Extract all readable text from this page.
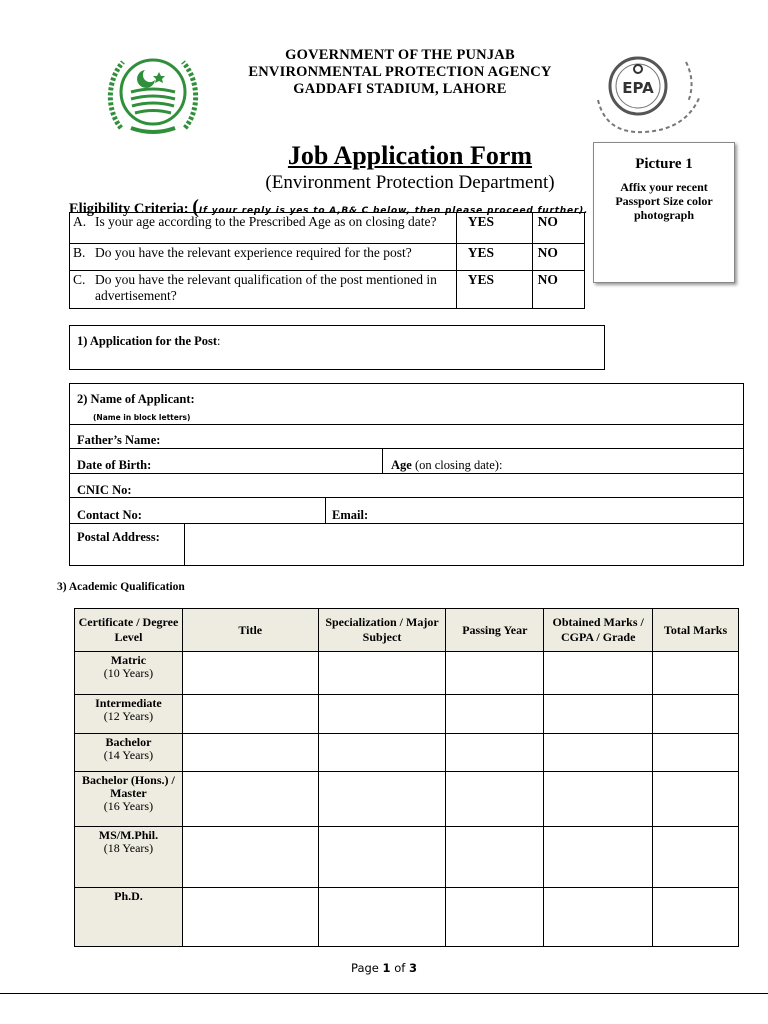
GOVERNMENT OF THE PUNJAB
ENVIRONMENTAL PROTECTION AGENCY
GADDAFI STADIUM, LAHORE	EPA
Job Application Form
(Environment Protection Department)
Picture 1
Affix your recent Passport Size color photograph
Eligibility Criteria: (If your reply is yes to A,B& C below, then please proceed further).
A. Is your age according to the Prescribed Age as on closing date?	YES	NO

B. Do you have the relevant experience required for the post?	YES	NO

C. Do you have the relevant qualification of the post mentioned in advertisement?	YES	NO
1) Application for the Post:
2) Name of Applicant:
(Name in block letters)
Father’s Name:
Date of Birth:	Age (on closing date):
CNIC No:
Contact No:	Email:
Postal Address:
3) Academic Qualification
Certificate / Degree Level	Title	Specialization / Major Subject	Passing Year	Obtained Marks / CGPA / Grade	Total Marks
Matric
(10 Years)					
Intermediate
(12 Years)					
Bachelor
(14 Years)					
Bachelor (Hons.) / Master
(16 Years)					
MS/M.Phil.
(18 Years)					
Ph.D.

Page 1 of 3
